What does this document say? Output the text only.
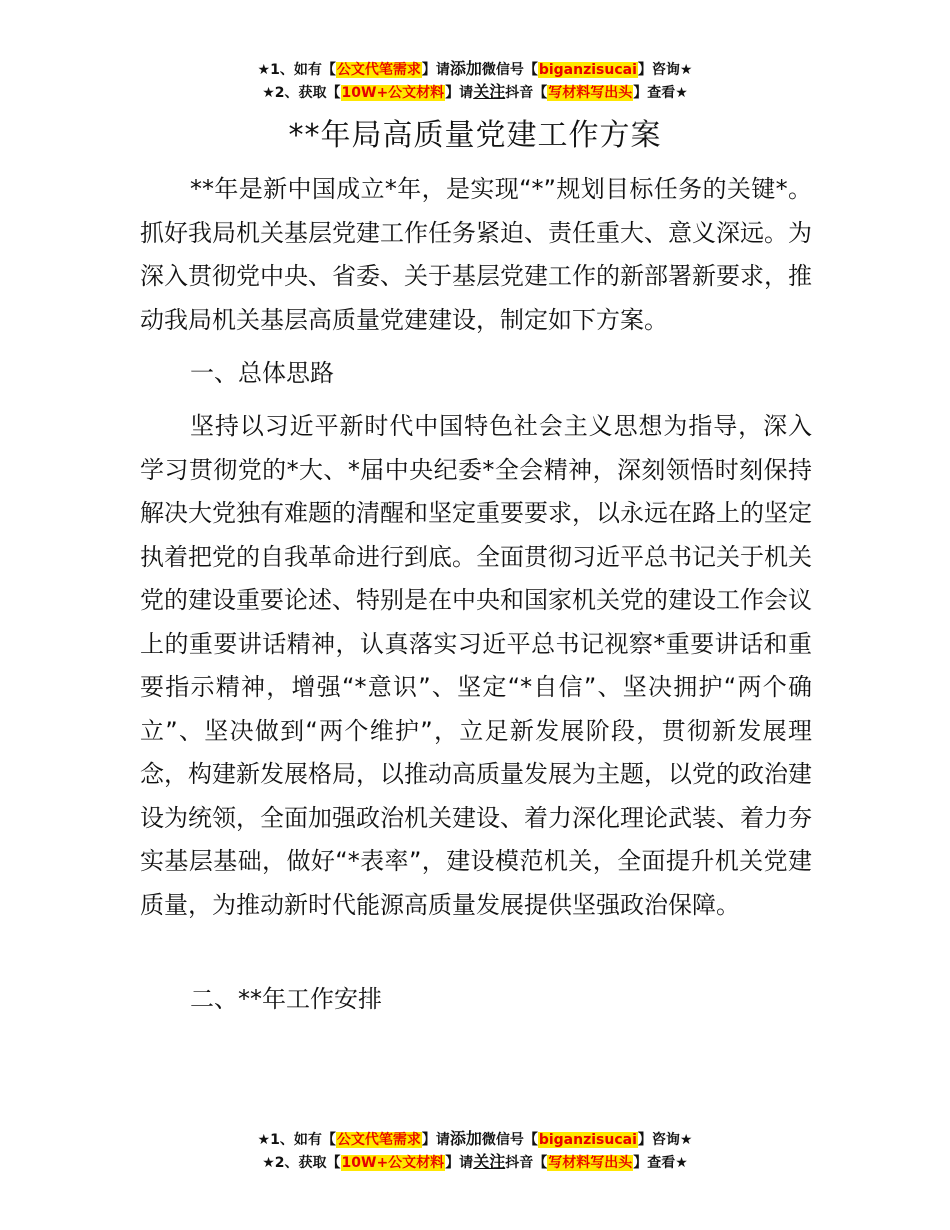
★1、如有【公文代笔需求】请添加微信号【biganzisucai】咨询★
★2、获取【10W+公文材料】请关注抖音【写材料写出头】查看★
**年局高质量党建工作方案

**年是新中国成立*年，是实现“*”规划目标任务的关键*。抓好我局机关基层党建工作任务紧迫、责任重大、意义深远。为深入贯彻党中央、省委、关于基层党建工作的新部署新要求，推动我局机关基层高质量党建建设，制定如下方案。

一、总体思路

坚持以习近平新时代中国特色社会主义思想为指导，深入学习贯彻党的*大、*届中央纪委*全会精神，深刻领悟时刻保持解决大党独有难题的清醒和坚定重要要求，以永远在路上的坚定执着把党的自我革命进行到底。全面贯彻习近平总书记关于机关党的建设重要论述、特别是在中央和国家机关党的建设工作会议上的重要讲话精神，认真落实习近平总书记视察*重要讲话和重要指示精神，增强“*意识”、坚定“*自信”、坚决拥护“两个确立”、坚决做到“两个维护”，立足新发展阶段，贯彻新发展理念，构建新发展格局，以推动高质量发展为主题，以党的政治建设为统领，全面加强政治机关建设、着力深化理论武装、着力夯实基层基础，做好“*表率”，建设模范机关，全面提升机关党建质量，为推动新时代能源高质量发展提供坚强政治保障。

二、**年工作安排

★1、如有【公文代笔需求】请添加微信号【biganzisucai】咨询★
★2、获取【10W+公文材料】请关注抖音【写材料写出头】查看★
